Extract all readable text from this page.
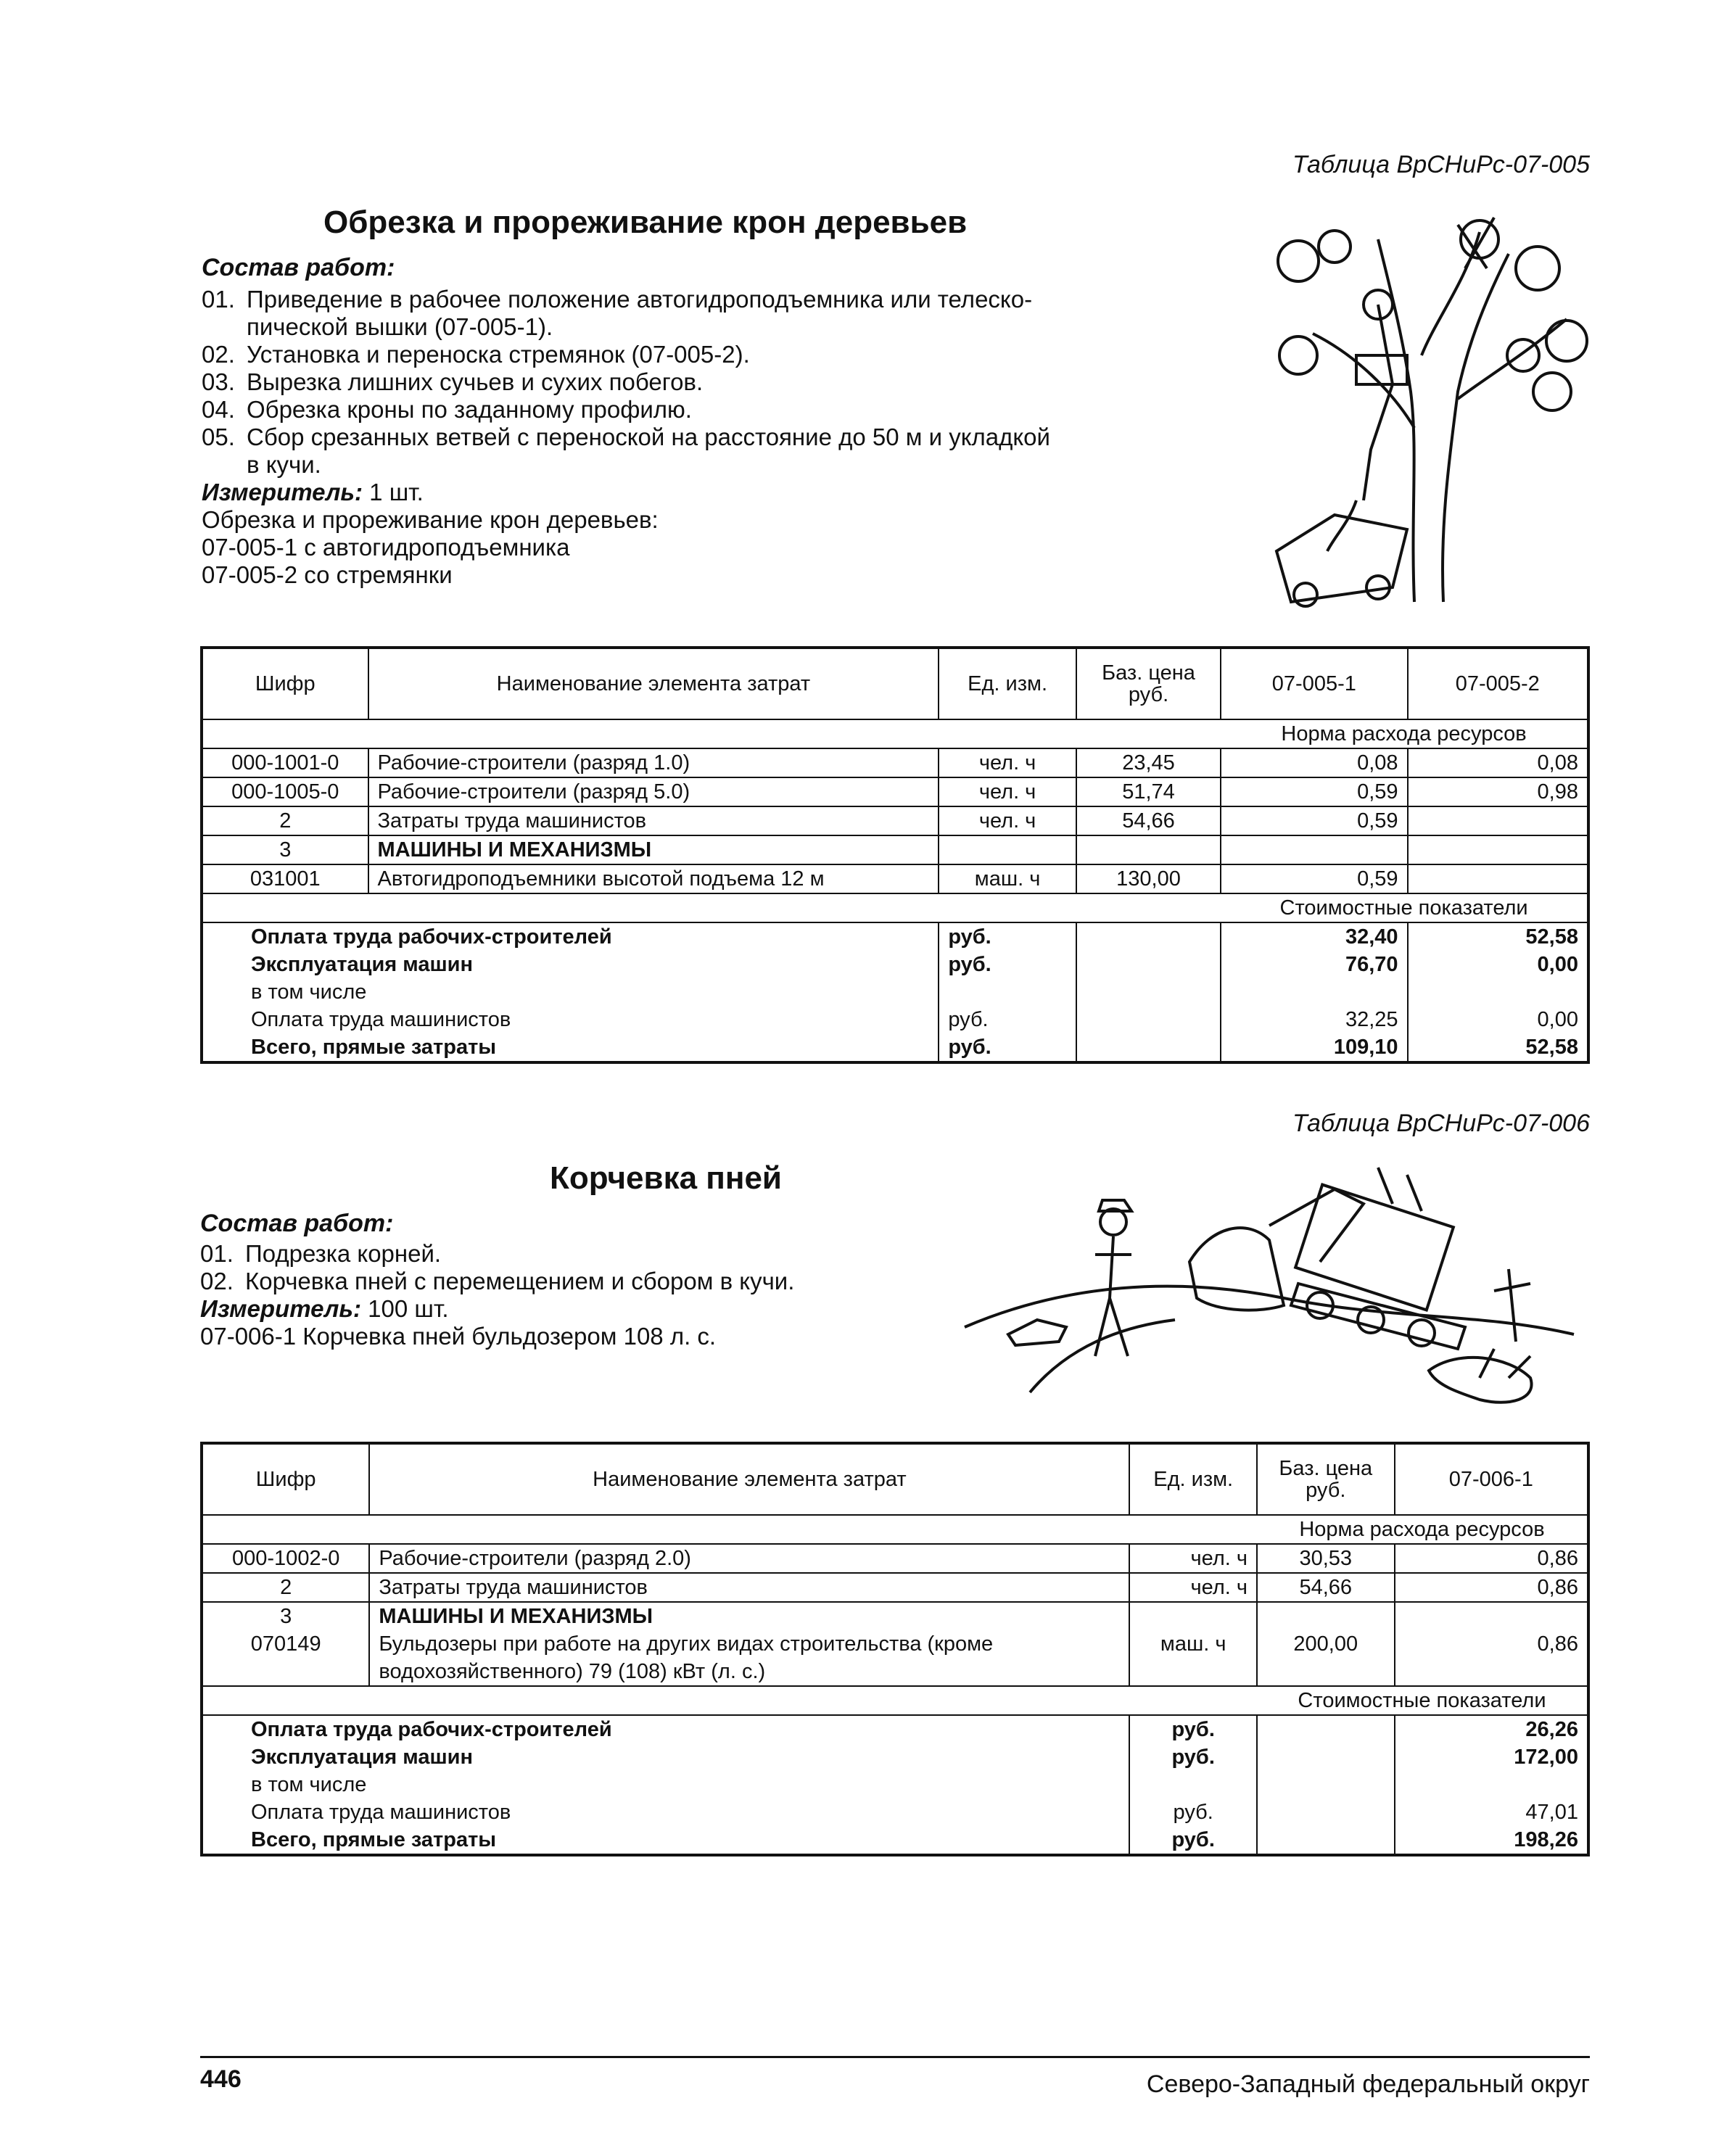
Таблица ВрСНиРс-07-005
Обрезка и прореживание крон деревьев
Состав работ:
01. Приведение в рабочее положение автогидроподъемника или телеско-
пической вышки (07-005-1).
02. Установка и переноска стремянок (07-005-2).
03. Вырезка лишних сучьев и сухих побегов.
04. Обрезка кроны по заданному профилю.
05. Сбор срезанных ветвей с переноской на расстояние до 50 м и укладкой
в кучи.
Измеритель: 1 шт.
Обрезка и прореживание крон деревьев:
07-005-1 с автогидроподъемника
07-005-2 со стремянки
Шифр	Наименование элемента затрат	Ед. изм.	Баз. цена руб.	07-005-1	07-005-2
				Норма расхода ресурсов	
000-1001-0	Рабочие-строители (разряд 1.0)	чел. ч	23,45	0,08	0,08
000-1005-0	Рабочие-строители (разряд 5.0)	чел. ч	51,74	0,59	0,98
2	Затраты труда машинистов	чел. ч	54,66	0,59	
3	МАШИНЫ И МЕХАНИЗМЫ				
031001	Автогидроподъемники высотой подъема 12 м	маш. ч	130,00	0,59	
				Стоимостные показатели	
Оплата труда рабочих-строителей		руб.		32,40	52,58
Эксплуатация машин		руб.		76,70	0,00
в том числе					
Оплата труда машинистов		руб.		32,25	0,00
Всего, прямые затраты		руб.		109,10	52,58
Таблица ВрСНиРс-07-006
Корчевка пней
Состав работ:
01. Подрезка корней.
02. Корчевка пней с перемещением и сбором в кучи.
Измеритель: 100 шт.
07-006-1 Корчевка пней бульдозером 108 л. с.
Шифр	Наименование элемента затрат	Ед. изм.	Баз. цена руб.	07-006-1
			Норма расхода ресурсов	
000-1002-0	Рабочие-строители (разряд 2.0)	чел. ч	30,53	0,86
2	Затраты труда машинистов	чел. ч	54,66	0,86
3	МАШИНЫ И МЕХАНИЗМЫ			
070149	Бульдозеры при работе на других видах строительства (кроме	маш. ч	200,00	0,86
	водохозяйственного) 79 (108) кВт (л. с.)			
			Стоимостные показатели	
Оплата труда рабочих-строителей		руб.		26,26
Эксплуатация машин		руб.		172,00
в том числе				
Оплата труда машинистов		руб.		47,01
Всего, прямые затраты		руб.		198,26
446	Северо-Западный федеральный округ
